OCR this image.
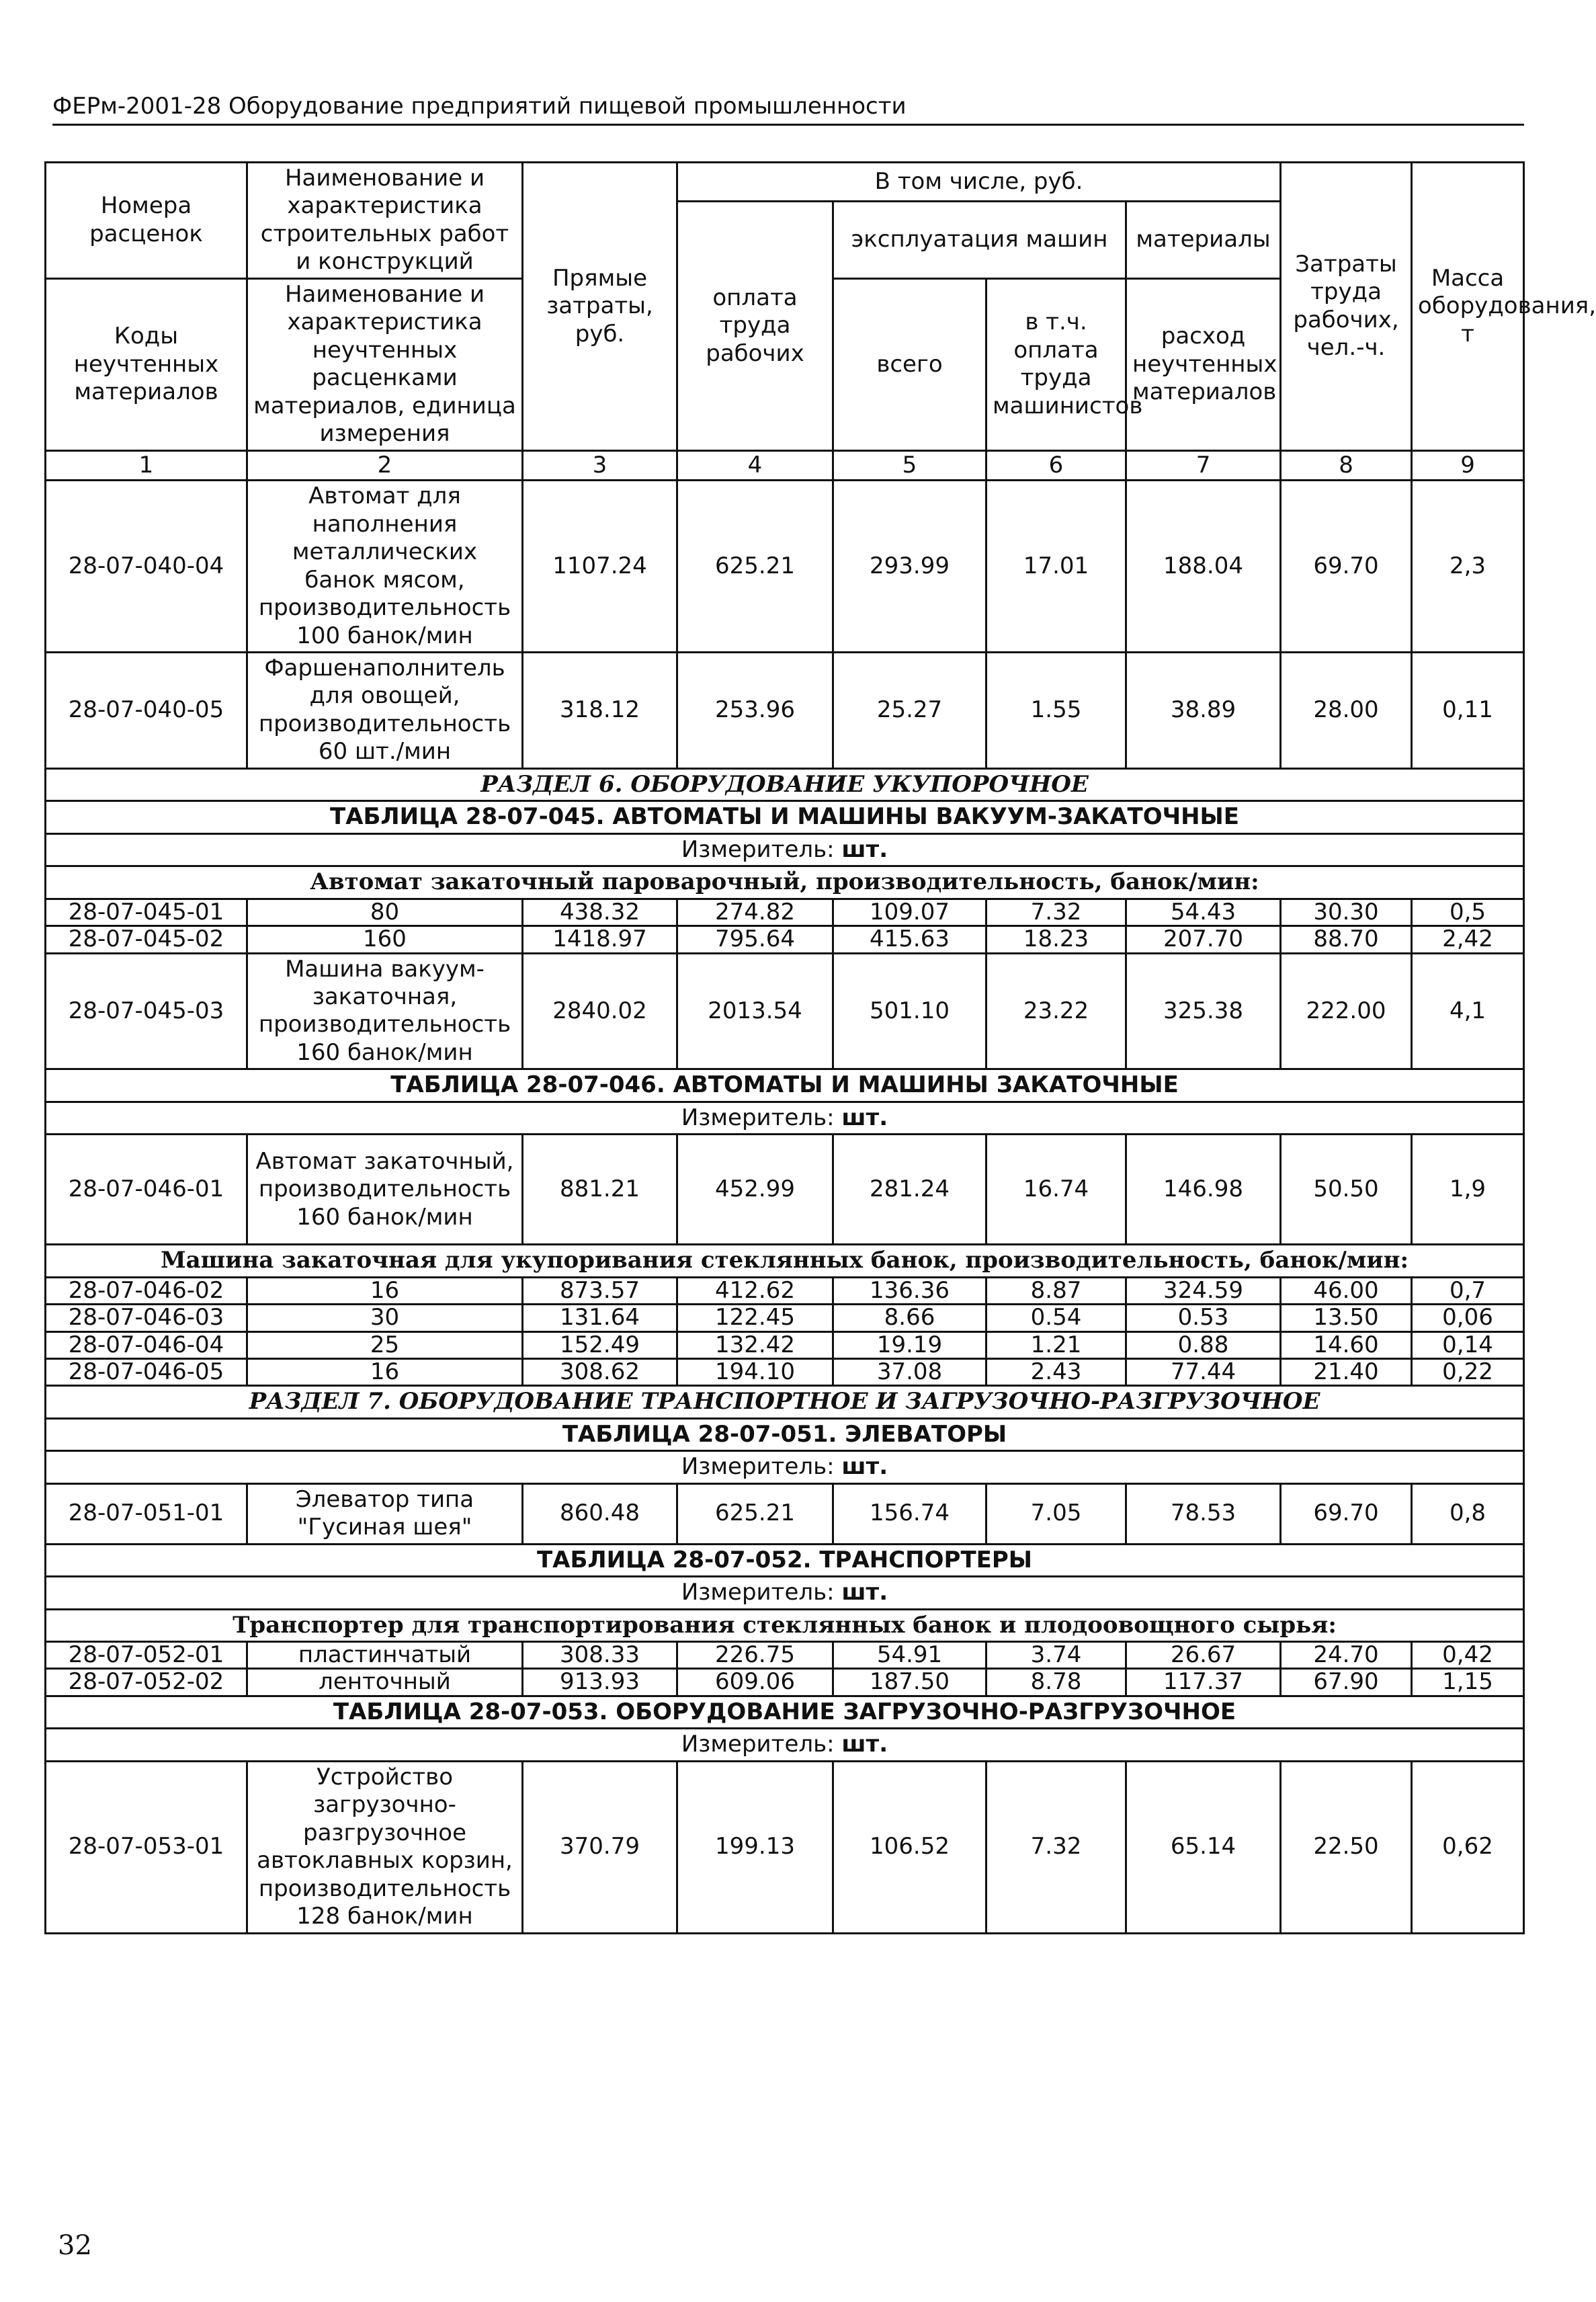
ФЕРм-2001-28 Оборудование предприятий пищевой промышленности
Номера расценок	Наименование и характеристика строительных работ и конструкций	Прямые затраты, руб.	В том числе, руб.				Затраты труда рабочих, чел.-ч.	Масса оборудования, т
			оплата труда рабочих	эксплуатация машин		материалы		
Коды неучтенных материалов	Наименование и характеристика неучтенных расценками материалов, единица измерения			всего	в т.ч. оплата труда машинистов	расход неучтенных материалов		

1	2	3	4	5	6	7	8	9
28-07-040-04	Автомат для наполнения металлических банок мясом, производительность 100 банок/мин	1107.24	625.21	293.99	17.01	188.04	69.70	2,3
28-07-040-05	Фаршенаполнитель для овощей, производительность 60 шт./мин	318.12	253.96	25.27	1.55	38.89	28.00	0,11
РАЗДЕЛ 6. ОБОРУДОВАНИЕ УКУПОРОЧНОЕ								
ТАБЛИЦА 28-07-045. АВТОМАТЫ И МАШИНЫ ВАКУУМ-ЗАКАТОЧНЫЕ								
Измеритель: шт.								
Автомат закаточный пароварочный, производительность, банок/мин:								
28-07-045-01	80	438.32	274.82	109.07	7.32	54.43	30.30	0,5
28-07-045-02	160	1418.97	795.64	415.63	18.23	207.70	88.70	2,42
28-07-045-03	Машина вакуум-закаточная, производительность 160 банок/мин	2840.02	2013.54	501.10	23.22	325.38	222.00	4,1
ТАБЛИЦА 28-07-046. АВТОМАТЫ И МАШИНЫ ЗАКАТОЧНЫЕ								
Измеритель: шт.								
28-07-046-01	Автомат закаточный, производительность 160 банок/мин	881.21	452.99	281.24	16.74	146.98	50.50	1,9
Машина закаточная для укупоривания стеклянных банок, производительность, банок/мин:								
28-07-046-02	16	873.57	412.62	136.36	8.87	324.59	46.00	0,7
28-07-046-03	30	131.64	122.45	8.66	0.54	0.53	13.50	0,06
28-07-046-04	25	152.49	132.42	19.19	1.21	0.88	14.60	0,14
28-07-046-05	16	308.62	194.10	37.08	2.43	77.44	21.40	0,22
РАЗДЕЛ 7. ОБОРУДОВАНИЕ ТРАНСПОРТНОЕ И ЗАГРУЗОЧНО-РАЗГРУЗОЧНОЕ								
ТАБЛИЦА 28-07-051. ЭЛЕВАТОРЫ								
Измеритель: шт.								
28-07-051-01	Элеватор типа "Гусиная шея"	860.48	625.21	156.74	7.05	78.53	69.70	0,8
ТАБЛИЦА 28-07-052. ТРАНСПОРТЕРЫ								
Измеритель: шт.								
Транспортер для транспортирования стеклянных банок и плодоовощного сырья:								
28-07-052-01	пластинчатый	308.33	226.75	54.91	3.74	26.67	24.70	0,42
28-07-052-02	ленточный	913.93	609.06	187.50	8.78	117.37	67.90	1,15
ТАБЛИЦА 28-07-053. ОБОРУДОВАНИЕ ЗАГРУЗОЧНО-РАЗГРУЗОЧНОЕ								
Измеритель: шт.								
28-07-053-01	Устройство загрузочно-разгрузочное автоклавных корзин, производительность 128 банок/мин	370.79	199.13	106.52	7.32	65.14	22.50	0,62
32
